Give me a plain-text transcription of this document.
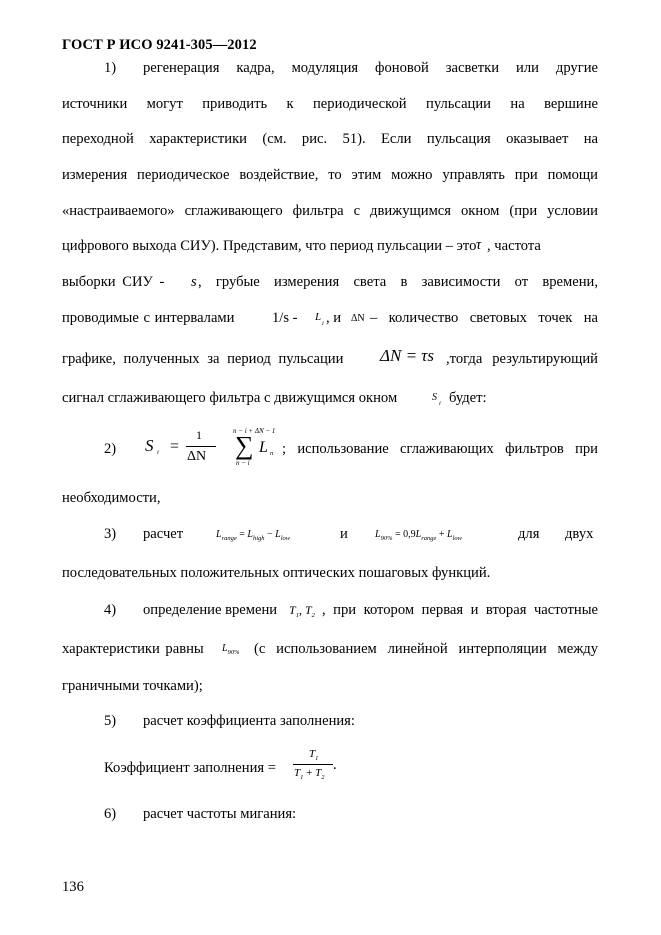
ГОСТ Р ИСО 9241-305—2012
1) регенерация кадра, модуляция фоновой засветки или другие
источники могут приводить к периодической пульсации на вершине
переходной характеристики (см. рис. 51). Если пульсация оказывает на
измерения периодическое воздействие, то этим можно управлять при помощи
«настраиваемого» сглаживающего фильтра с движущимся окном (при условии
цифрового выхода СИУ). Представим, что период пульсации – это τ , частота
выборки СИУ - s , грубые измерения света в зависимости от времени,
проводимые с интервалами	1/s - L
i , и ΔN – количество световых точек на
графике, полученных за период пульсации ΔN = τs ,тогда результирующий
сигнал сглаживающего фильтра с движущимся окном	S
i будет:
2) S i =
1
ΔN
n − i + ΔN − 1
∑
n − i
L n ; использование сглаживающих фильтров при
необходимости,
3) расчет	$L_{range} = L_{high} - L_{low}$	и	$L_{90\%} = 0,9L_{range} + L_{low}$	для двух
последовательных положительных оптических пошаговых функций.
4) определение времени $T_1$, $T_2$ , при котором первая и вторая частотные
характеристики равны $L_{90\%}$ (с использованием линейной интерполяции между
граничными точками);
5) расчет коэффициента заполнения:
Коэффициент заполнения =
$T_1$
$T_1 + T_2$
.
6) расчет частоты мигания:
136
